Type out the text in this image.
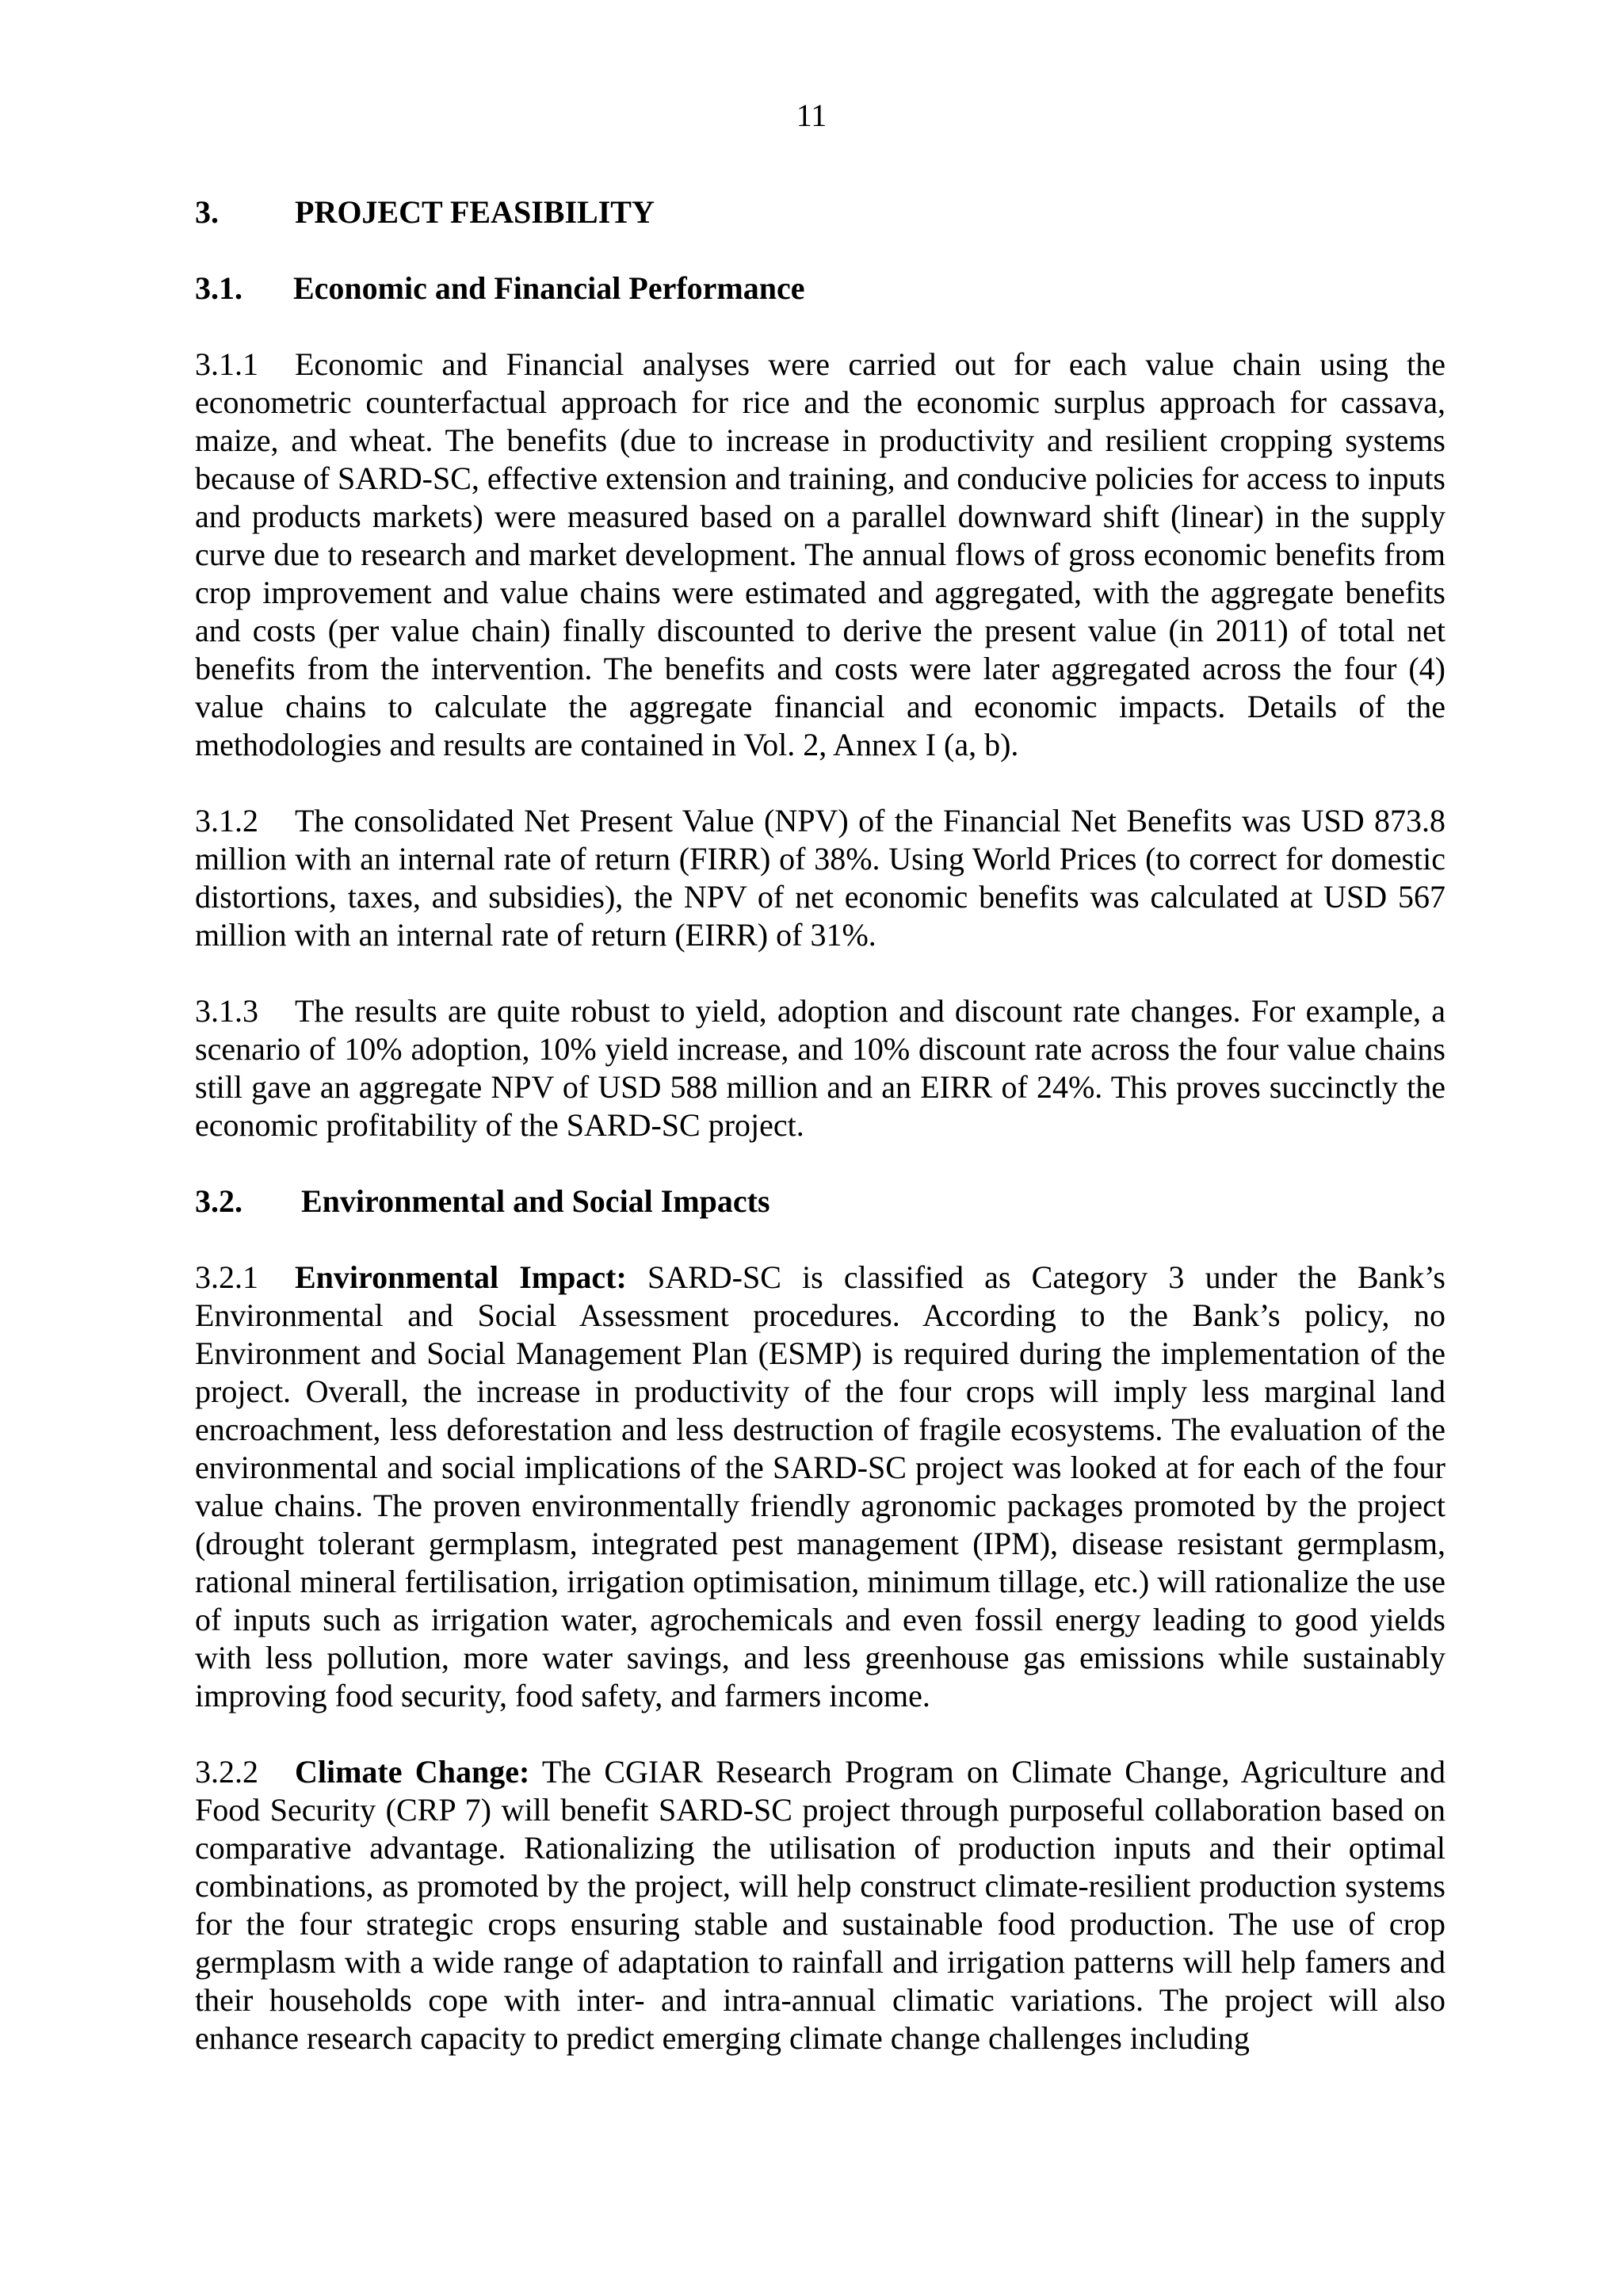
11

3.	PROJECT FEASIBILITY
3.1.	Economic and Financial Performance

3.1.1 Economic and Financial analyses were carried out for each value chain using the econometric counterfactual approach for rice and the economic surplus approach for cassava, maize, and wheat. The benefits (due to increase in productivity and resilient cropping systems because of SARD-SC, effective extension and training, and conducive policies for access to inputs and products markets) were measured based on a parallel downward shift (linear) in the supply curve due to research and market development. The annual flows of gross economic benefits from crop improvement and value chains were estimated and aggregated, with the aggregate benefits and costs (per value chain) finally discounted to derive the present value (in 2011) of total net benefits from the intervention. The benefits and costs were later aggregated across the four (4) value chains to calculate the aggregate financial and economic impacts. Details of the methodologies and results are contained in Vol. 2, Annex I (a, b).

3.1.2 The consolidated Net Present Value (NPV) of the Financial Net Benefits was USD 873.8 million with an internal rate of return (FIRR) of 38%. Using World Prices (to correct for domestic distortions, taxes, and subsidies), the NPV of net economic benefits was calculated at USD 567 million with an internal rate of return (EIRR) of 31%.

3.1.3 The results are quite robust to yield, adoption and discount rate changes. For example, a scenario of 10% adoption, 10% yield increase, and 10% discount rate across the four value chains still gave an aggregate NPV of USD 588 million and an EIRR of 24%. This proves succinctly the economic profitability of the SARD-SC project.

3.2.	Environmental and Social Impacts

3.2.1 Environmental Impact: SARD-SC is classified as Category 3 under the Bank’s Environmental and Social Assessment procedures. According to the Bank’s policy, no Environment and Social Management Plan (ESMP) is required during the implementation of the project. Overall, the increase in productivity of the four crops will imply less marginal land encroachment, less deforestation and less destruction of fragile ecosystems. The evaluation of the environmental and social implications of the SARD-SC project was looked at for each of the four value chains. The proven environmentally friendly agronomic packages promoted by the project (drought tolerant germplasm, integrated pest management (IPM), disease resistant germplasm, rational mineral fertilisation, irrigation optimisation, minimum tillage, etc.) will rationalize the use of inputs such as irrigation water, agrochemicals and even fossil energy leading to good yields with less pollution, more water savings, and less greenhouse gas emissions while sustainably improving food security, food safety, and farmers income.

3.2.2 Climate Change: The CGIAR Research Program on Climate Change, Agriculture and Food Security (CRP 7) will benefit SARD-SC project through purposeful collaboration based on comparative advantage. Rationalizing the utilisation of production inputs and their optimal combinations, as promoted by the project, will help construct climate-resilient production systems for the four strategic crops ensuring stable and sustainable food production. The use of crop germplasm with a wide range of adaptation to rainfall and irrigation patterns will help famers and their households cope with inter- and intra-annual climatic variations. The project will also enhance research capacity to predict emerging climate change challenges including
